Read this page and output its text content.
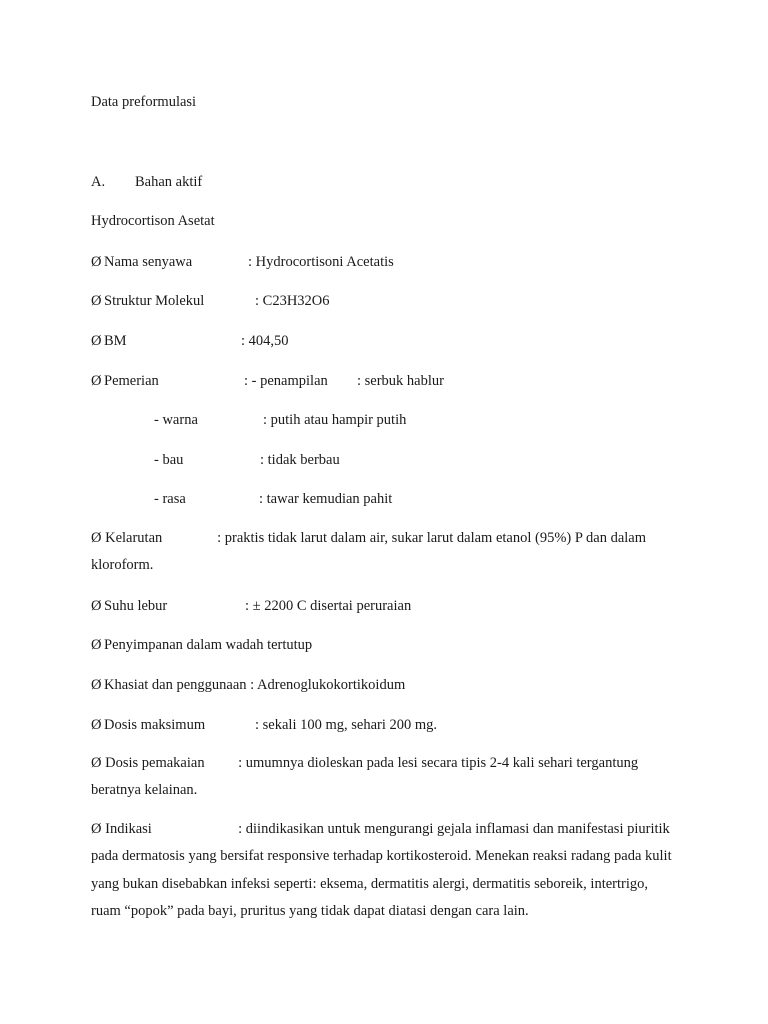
Data preformulasi
A. Bahan aktif
Hydrocortison Asetat
Ø Nama senyawa	: Hydrocortisoni Acetatis
Ø Struktur Molekul	: C23H32O6
Ø BM	: 404,50
Ø Pemerian	: - penampilan : serbuk hablur
- warna	: putih atau hampir putih
- bau	: tidak berbau
- rasa	: tawar kemudian pahit
Ø Kelarutan	: praktis tidak larut dalam air, sukar larut dalam etanol (95%) P dan dalam kloroform.
Ø Suhu lebur	: ± 2200 C disertai peruraian
Ø Penyimpanan dalam wadah tertutup
Ø Khasiat dan penggunaan : Adrenoglukokortikoidum
Ø Dosis maksimum	: sekali 100 mg, sehari 200 mg.
Ø Dosis pemakaian : umumnya dioleskan pada lesi secara tipis 2-4 kali sehari tergantung beratnya kelainan.
Ø Indikasi	: diindikasikan untuk mengurangi gejala inflamasi dan manifestasi piuritik pada dermatosis yang bersifat responsive terhadap kortikosteroid. Menekan reaksi radang pada kulit yang bukan disebabkan infeksi seperti: eksema, dermatitis alergi, dermatitis seboreik, intertrigo, ruam “popok” pada bayi, pruritus yang tidak dapat diatasi dengan cara lain.
